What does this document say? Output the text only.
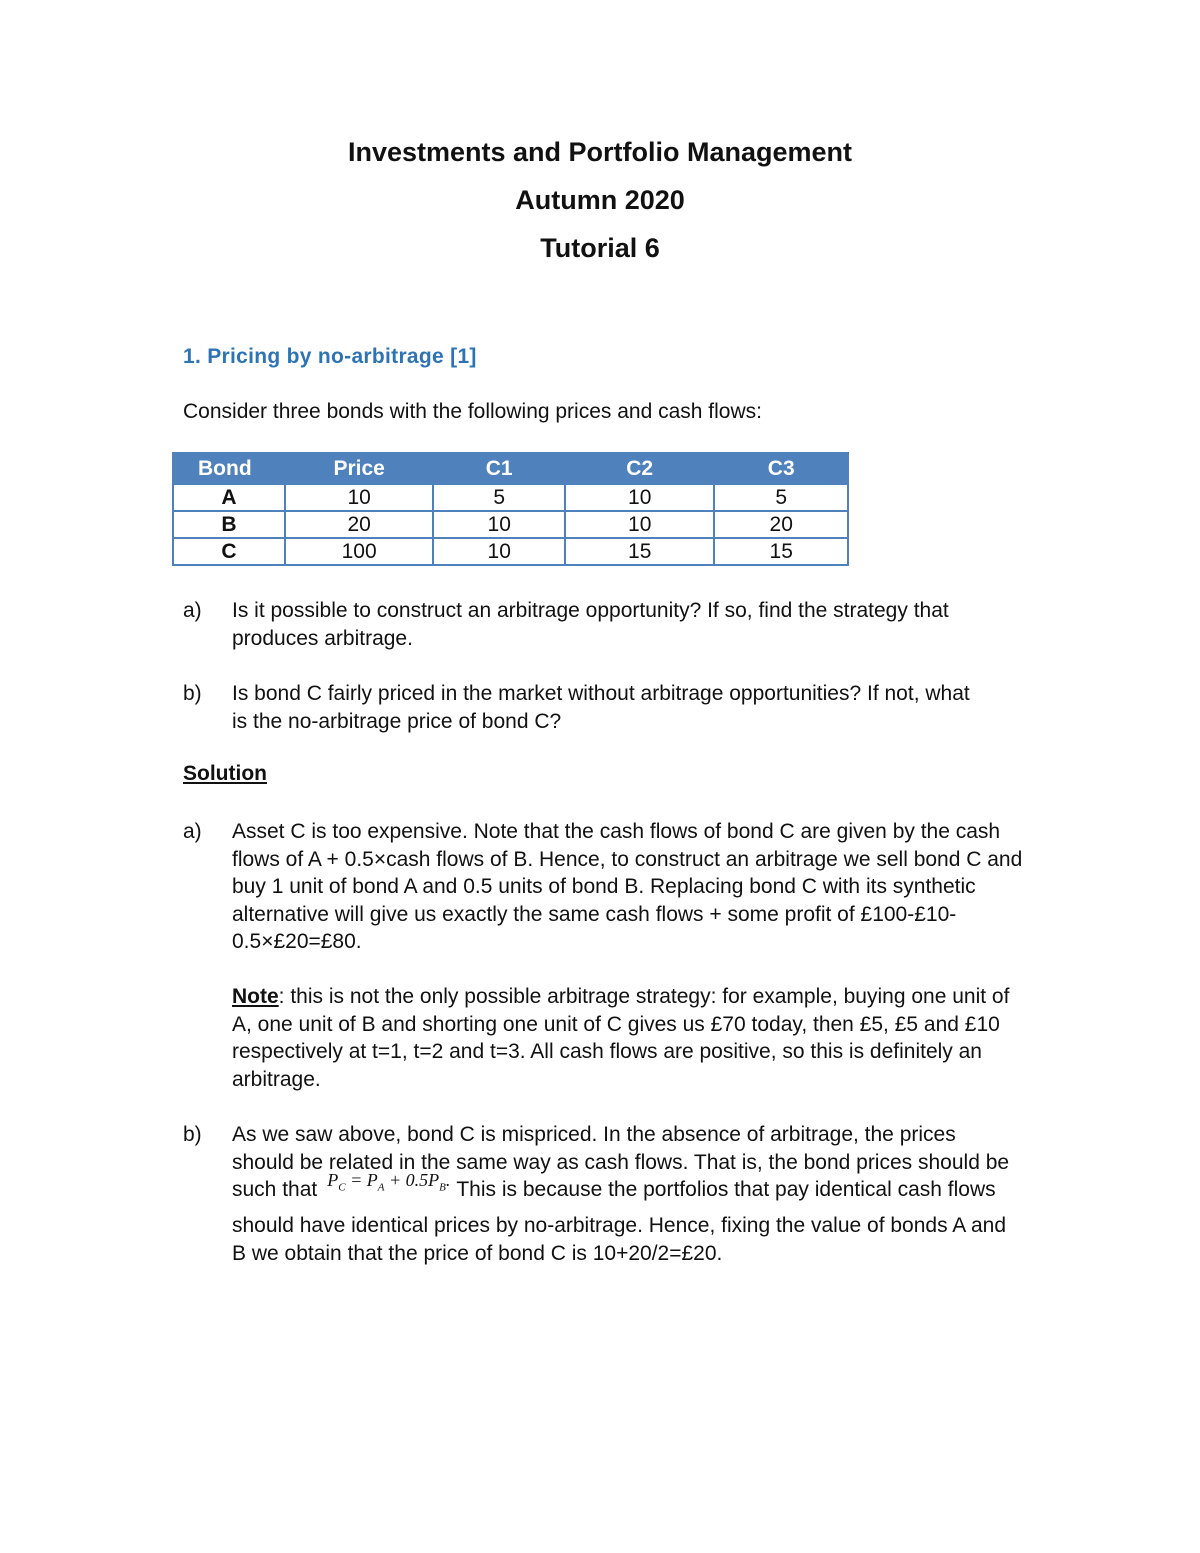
Investments and Portfolio Management
Autumn 2020
Tutorial 6
1. Pricing by no-arbitrage [1]
Consider three bonds with the following prices and cash flows:
Bond	Price	C1	C2	C3
A	10	5	10	5
B	20	10	10	20
C	100	10	15	15
a) Is it possible to construct an arbitrage opportunity? If so, find the strategy that produces arbitrage.
b) Is bond C fairly priced in the market without arbitrage opportunities? If not, what is the no-arbitrage price of bond C?
Solution
a) Asset C is too expensive. Note that the cash flows of bond C are given by the cash flows of A + 0.5×cash flows of B. Hence, to construct an arbitrage we sell bond C and buy 1 unit of bond A and 0.5 units of bond B. Replacing bond C with its synthetic alternative will give us exactly the same cash flows + some profit of £100-£10-0.5×£20=£80.
Note: this is not the only possible arbitrage strategy: for example, buying one unit of A, one unit of B and shorting one unit of C gives us £70 today, then £5, £5 and £10 respectively at t=1, t=2 and t=3. All cash flows are positive, so this is definitely an arbitrage.
b) As we saw above, bond C is mispriced. In the absence of arbitrage, the prices should be related in the same way as cash flows. That is, the bond prices should be such that $P_C = P_A + 0.5P_B$. This is because the portfolios that pay identical cash flows should have identical prices by no-arbitrage. Hence, fixing the value of bonds A and B we obtain that the price of bond C is 10+20/2=£20.
